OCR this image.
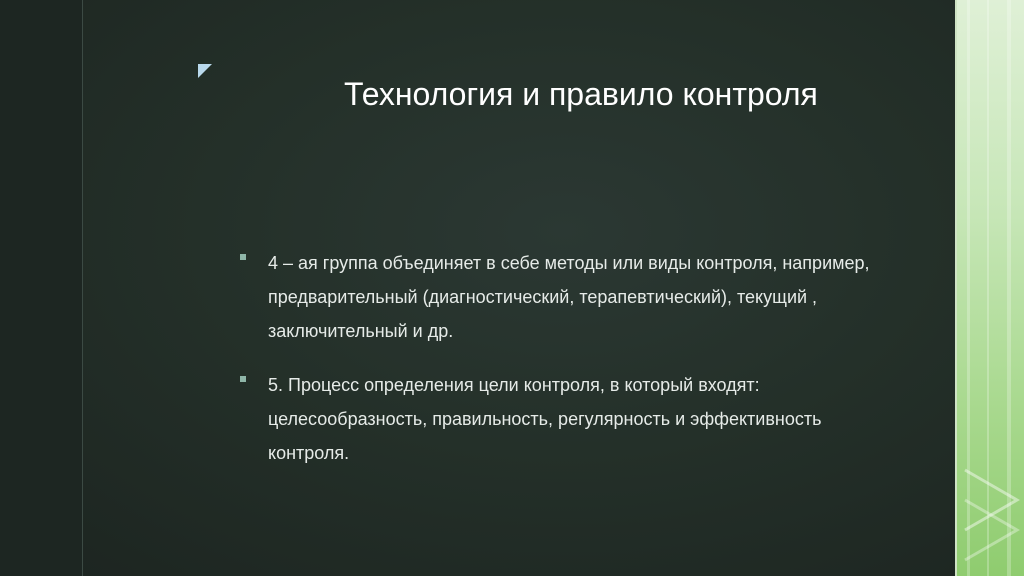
Технология и правило контроля
4 – ая группа объединяет в себе методы или виды контроля, например, предварительный (диагностический, терапевтический), текущий , заключительный и др.
5. Процесс определения цели контроля, в который входят: целесообразность, правильность, регулярность и эффективность контроля.
